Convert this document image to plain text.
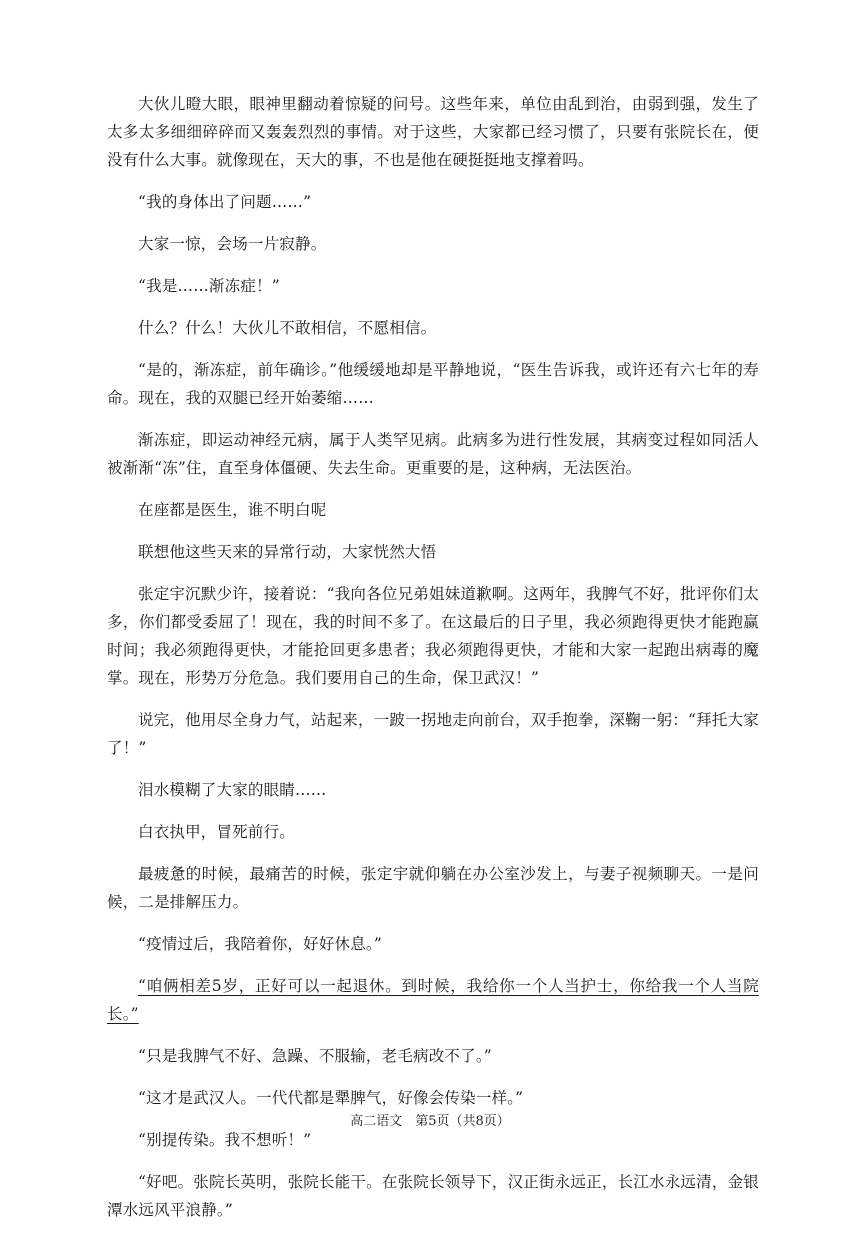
大伙儿瞪大眼，眼神里翻动着惊疑的问号。这些年来，单位由乱到治，由弱到强，发生了太多太多细细碎碎而又轰轰烈烈的事情。对于这些，大家都已经习惯了，只要有张院长在，便没有什么大事。就像现在，天大的事，不也是他在硬挺挺地支撑着吗。

“我的身体出了问题……”

大家一惊，会场一片寂静。

“我是……渐冻症！”

什么？什么！大伙儿不敢相信，不愿相信。

“是的，渐冻症，前年确诊。”他缓缓地却是平静地说，“医生告诉我，或许还有六七年的寿命。现在，我的双腿已经开始萎缩……

渐冻症，即运动神经元病，属于人类罕见病。此病多为进行性发展，其病变过程如同活人被渐渐“冻”住，直至身体僵硬、失去生命。更重要的是，这种病，无法医治。

在座都是医生，谁不明白呢

联想他这些天来的异常行动，大家恍然大悟

张定宇沉默少许，接着说：“我向各位兄弟姐妹道歉啊。这两年，我脾气不好，批评你们太多，你们都受委屈了！现在，我的时间不多了。在这最后的日子里，我必须跑得更快才能跑赢时间；我必须跑得更快，才能抢回更多患者；我必须跑得更快，才能和大家一起跑出病毒的魔掌。现在，形势万分危急。我们要用自己的生命，保卫武汉！”

说完，他用尽全身力气，站起来，一跛一拐地走向前台，双手抱拳，深鞠一躬：“拜托大家了！”

泪水模糊了大家的眼睛……

白衣执甲，冒死前行。

最疲惫的时候，最痛苦的时候，张定宇就仰躺在办公室沙发上，与妻子视频聊天。一是问候，二是排解压力。

“疫情过后，我陪着你，好好休息。”

“咱俩相差5岁，正好可以一起退休。到时候，我给你一个人当护士，你给我一个人当院长。”

“只是我脾气不好、急躁、不服输，老毛病改不了。”

“这才是武汉人。一代代都是犟脾气，好像会传染一样。”

“别提传染。我不想听！”

“好吧。张院长英明，张院长能干。在张院长领导下，汉正街永远正，长江水永远清，金银潭水远风平浪静。”

高二语文　第5页（共8页）
